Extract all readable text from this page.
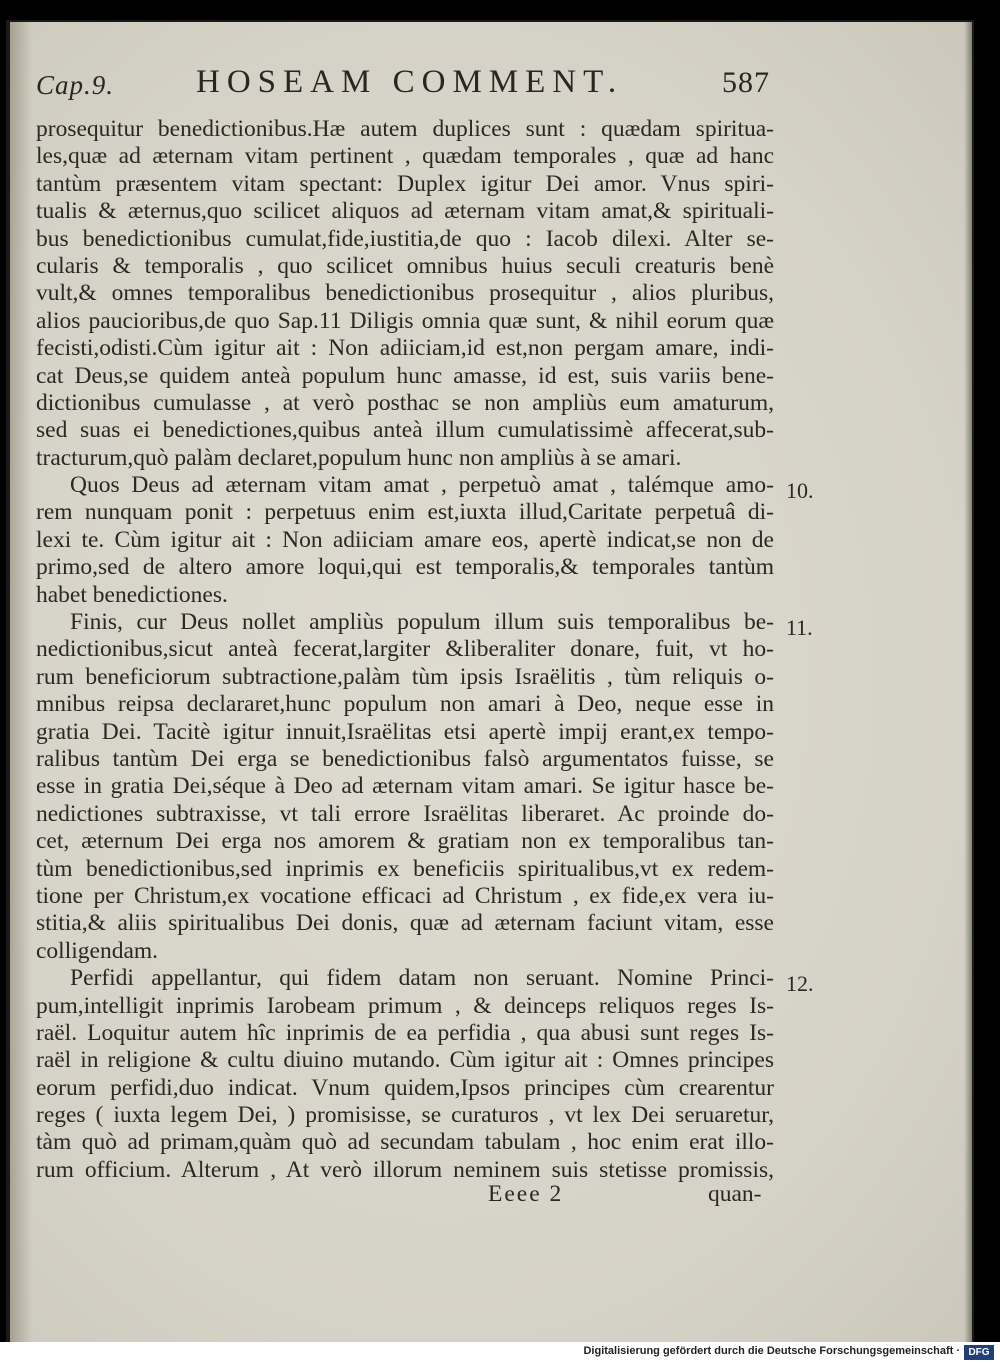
Cap.9. HOSEAM COMMENT.	587
prosequitur benedictionibus.Hæ autem duplices sunt : quædam spiritua-
les,quæ ad æternam vitam pertinent , quædam temporales , quæ ad hanc
tantùm præsentem vitam spectant: Duplex igitur Dei amor. Vnus spiri-
tualis & æternus,quo scilicet aliquos ad æternam vitam amat,& spirituali-
bus benedictionibus cumulat,fide,iustitia,de quo : Iacob dilexi. Alter se-
cularis & temporalis , quo scilicet omnibus huius seculi creaturis benè
vult,& omnes temporalibus benedictionibus prosequitur , alios pluribus,
alios paucioribus,de quo Sap.11 Diligis omnia quæ sunt, & nihil eorum quæ
fecisti,odisti.Cùm igitur ait : Non adiiciam,id est,non pergam amare, indi-
cat Deus,se quidem anteà populum hunc amasse, id est, suis variis bene-
dictionibus cumulasse , at verò posthac se non ampliùs eum amaturum,
sed suas ei benedictiones,quibus anteà illum cumulatissimè affecerat,sub-
tracturum,quò palàm declaret,populum hunc non ampliùs à se amari.
Quos Deus ad æternam vitam amat , perpetuò amat , talémque amo-
rem nunquam ponit : perpetuus enim est,iuxta illud,Caritate perpetuâ di-
lexi te. Cùm igitur ait : Non adiiciam amare eos, apertè indicat,se non de
primo,sed de altero amore loqui,qui est temporalis,& temporales tantùm
habet benedictiones.
Finis, cur Deus nollet ampliùs populum illum suis temporalibus be-
nedictionibus,sicut anteà fecerat,largiter &liberaliter donare, fuit, vt ho-
rum beneficiorum subtractione,palàm tùm ipsis Israëlitis , tùm reliquis o-
mnibus reipsa declararet,hunc populum non amari à Deo, neque esse in
gratia Dei. Tacitè igitur innuit,Israëlitas etsi apertè impij erant,ex tempo-
ralibus tantùm Dei erga se benedictionibus falsò argumentatos fuisse, se
esse in gratia Dei,séque à Deo ad æternam vitam amari. Se igitur hasce be-
nedictiones subtraxisse, vt tali errore Israëlitas liberaret. Ac proinde do-
cet, æternum Dei erga nos amorem & gratiam non ex temporalibus tan-
tùm benedictionibus,sed inprimis ex beneficiis spiritualibus,vt ex redem-
tione per Christum,ex vocatione efficaci ad Christum , ex fide,ex vera iu-
stitia,& aliis spiritualibus Dei donis, quæ ad æternam faciunt vitam, esse
colligendam.
Perfidi appellantur, qui fidem datam non seruant. Nomine Princi-
pum,intelligit inprimis Iarobeam primum , & deinceps reliquos reges Is-
raël. Loquitur autem hîc inprimis de ea perfidia , qua abusi sunt reges Is-
raël in religione & cultu diuino mutando. Cùm igitur ait : Omnes principes
eorum perfidi,duo indicat. Vnum quidem,Ipsos principes cùm crearentur
reges ( iuxta legem Dei, ) promisisse, se curaturos , vt lex Dei seruaretur,
tàm quò ad primam,quàm quò ad secundam tabulam , hoc enim erat illo-
rum officium. Alterum , At verò illorum neminem suis stetisse promissis,
10.
11.
12.
Eeee 2	quan-
Digitalisierung gefördert durch die Deutsche Forschungsgemeinschaft · DFG
